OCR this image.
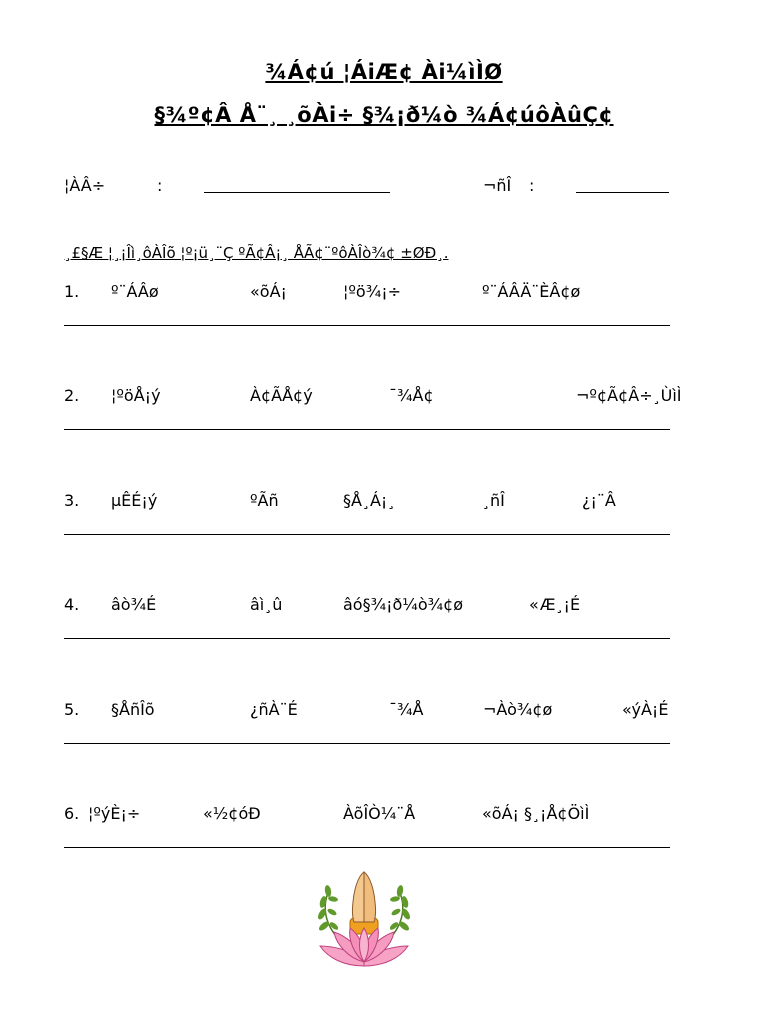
¾Á¢ú ¦ÁiÆ¢ Ài¼ìÌØ
§¾º¢Â Å¨¸ ¸õÀi÷ §¾¡ð¼ò ¾Á¢úôÀûÇ¢
¦ÀÂ÷	:	¬ñÎ :
¸£§Æ ¦¸¡Îì¸ôÀÎõ ¦º¡ü¸¨Ç ºÃ¢Â¡¸ ÅÃ¢¨ºôÀÎò¾¢ ±ØÐ¸.
1. º¨ÁÂø	«õÁ¡	¦ºö¾¡÷	º¨ÁÂÄ¨ÈÂ¢ø
2. ¦ºöÅ¡ý	À¢ÃÅ¢ý	¯¾Å¢	¬º¢Ã¢Â÷¸ÙìÌ
3. µÊÉ¡ý	ºÃñ	§Å¸Á¡¸	¸ñÎ	¿¡¨Â
4. âò¾É	âì¸û	âó§¾¡ð¼ò¾¢ø	«Æ¸¡É
5. §ÅñÎõ	¿ñÀ¨É	¯¾Å	¬Àò¾¢ø	«ýÀ¡É
6. ¦ºýÈ¡÷	«½¢óÐ	ÀõÎÒ¼¨Å	«õÁ¡ §¸¡Å¢ÖìÌ
